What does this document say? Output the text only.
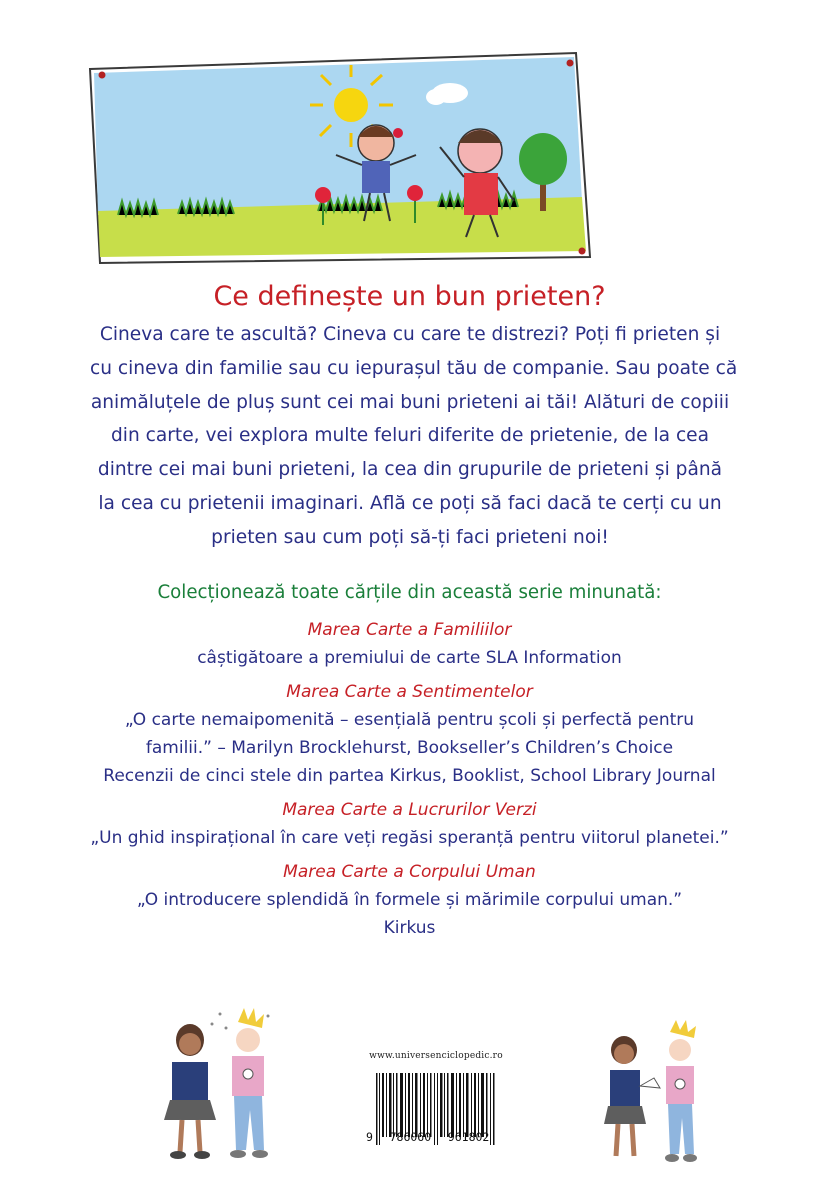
Ce definește un bun prieten?

Cineva care te ascultă? Cineva cu care te distrezi? Poți fi prieten și

cu cineva din familie sau cu iepurașul tău de companie. Sau poate că

animăluțele de pluș sunt cei mai buni prieteni ai tăi! Alături de copiii

din carte, vei explora multe feluri diferite de prietenie, de la cea

dintre cei mai buni prieteni, la cea din grupurile de prieteni și până

la cea cu prietenii imaginari. Află ce poți să faci dacă te cerți cu un

prieten sau cum poți să-ți faci prieteni noi!

Colecționează toate cărțile din această serie minunată:
Marea Carte a Familiilor
câștigătoare a premiului de carte SLA Information
Marea Carte a Sentimentelor
„O carte nemaipomenită – esențială pentru școli și perfectă pentru
familii.” – Marilyn Brocklehurst, Bookseller’s Children’s Choice
Recenzii de cinci stele din partea Kirkus, Booklist, School Library Journal
Marea Carte a Lucrurilor Verzi
„Un ghid inspirațional în care veți regăsi speranță pentru viitorul planetei.”
Marea Carte a Corpului Uman
„O introducere splendidă în formele și mărimile corpului uman.”
Kirkus
www.universenciclopedic.ro
9 786060 961802
